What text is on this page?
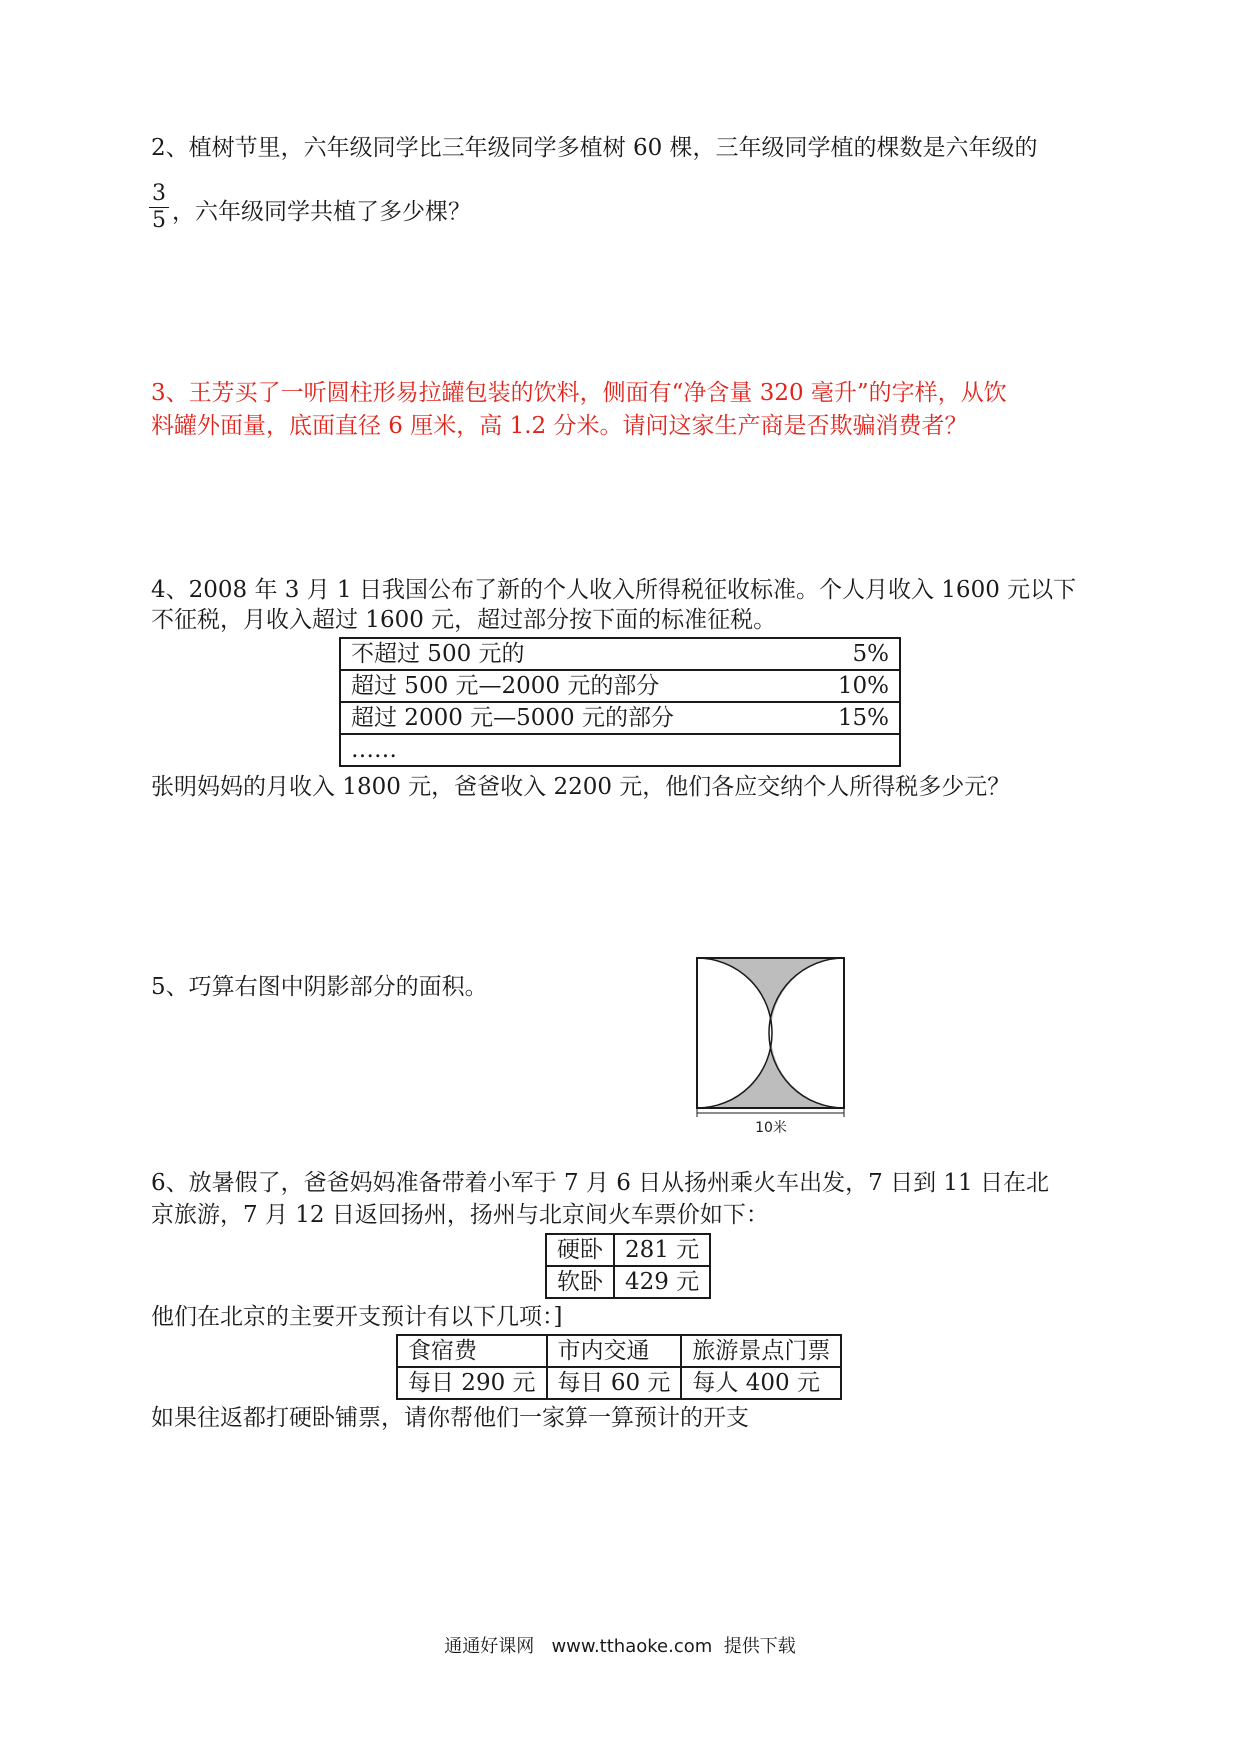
2、植树节里，六年级同学比三年级同学多植树 60 棵，三年级同学植的棵数是六年级的
3
5 ，六年级同学共植了多少棵？
3、王芳买了一听圆柱形易拉罐包装的饮料，侧面有“净含量 320 毫升”的字样，从饮
料罐外面量，底面直径 6 厘米，高 1.2 分米。请问这家生产商是否欺骗消费者？
4、2008 年 3 月 1 日我国公布了新的个人收入所得税征收标准。个人月收入 1600 元以下
不征税，月收入超过 1600 元，超过部分按下面的标准征税。
不超过 500 元的	5%
超过 500 元—2000 元的部分	10%
超过 2000 元—5000 元的部分	15%
……	
张明妈妈的月收入 1800 元，爸爸收入 2200 元，他们各应交纳个人所得税多少元？
5、巧算右图中阴影部分的面积。
10米
6、放暑假了，爸爸妈妈准备带着小军于 7 月 6 日从扬州乘火车出发，7 日到 11 日在北
京旅游，7 月 12 日返回扬州，扬州与北京间火车票价如下：
硬卧	281 元
软卧	429 元
他们在北京的主要开支预计有以下几项：]
食宿费	市内交通	旅游景点门票
每日 290 元	每日 60 元	每人 400 元
如果往返都打硬卧铺票，请你帮他们一家算一算预计的开支
通通好课网   www.tthaoke.com  提供下载
